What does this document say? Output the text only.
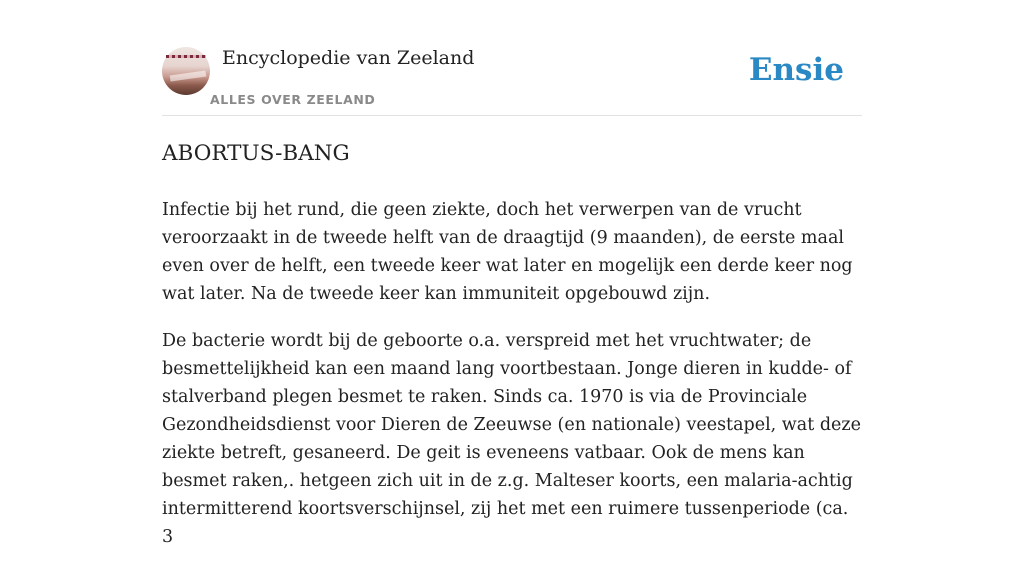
Encyclopedie van Zeeland
ALLES OVER ZEELAND
Ensie
ABORTUS-BANG

Infectie bij het rund, die geen ziekte, doch het verwerpen van de vrucht veroorzaakt in de tweede helft van de draagtijd (9 maanden), de eerste maal even over de helft, een tweede keer wat later en mogelijk een derde keer nog wat later. Na de tweede keer kan immuniteit opgebouwd zijn.

De bacterie wordt bij de geboorte o.a. verspreid met het vruchtwater; de besmettelijkheid kan een maand lang voortbestaan. Jonge dieren in kudde- of stalverband plegen besmet te raken. Sinds ca. 1970 is via de Provinciale Gezondheidsdienst voor Dieren de Zeeuwse (en nationale) veestapel, wat deze ziekte betreft, gesaneerd. De geit is eveneens vatbaar. Ook de mens kan besmet raken,. hetgeen zich uit in de z.g. Malteser koorts, een malaria-achtig intermitterend koortsverschijnsel, zij het met een ruimere tussenperiode (ca. 3
